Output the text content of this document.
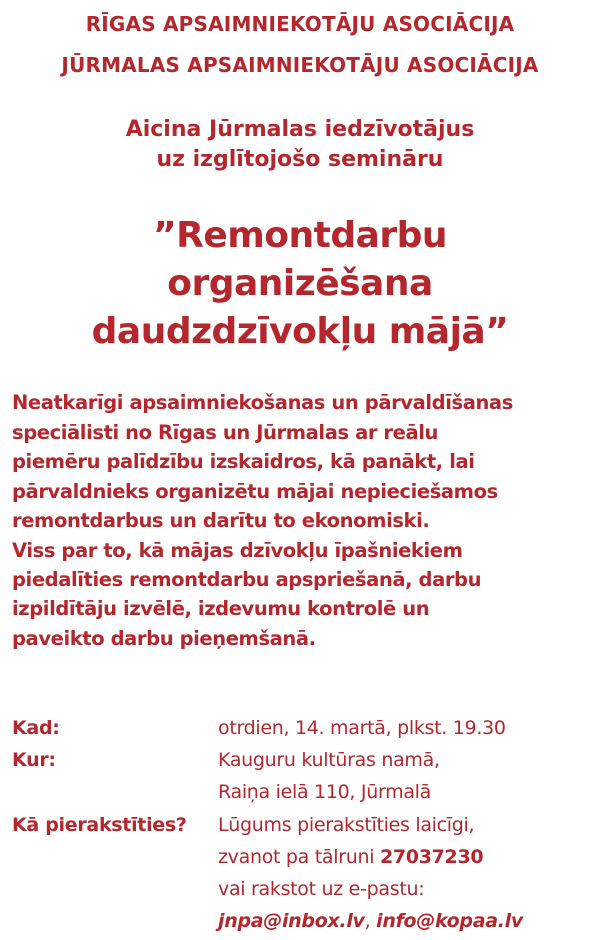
RĪGAS APSAIMNIEKOTĀJU ASOCIĀCIJA
JŪRMALAS APSAIMNIEKOTĀJU ASOCIĀCIJA
Aicina Jūrmalas iedzīvotājus
uz izglītojošo semināru
”Remontdarbu
organizēšana
daudzdzīvokļu mājā”
Neatkarīgi apsaimniekošanas un pārvaldīšanas
speciālisti no Rīgas un Jūrmalas ar reālu
piemēru palīdzību izskaidros, kā panākt, lai
pārvaldnieks organizētu mājai nepieciešamos
remontdarbus un darītu to ekonomiski.
Viss par to, kā mājas dzīvokļu īpašniekiem
piedalīties remontdarbu apspriešanā, darbu
izpildītāju izvēlē, izdevumu kontrolē un
paveikto darbu pieņemšanā.
Kad:	otrdien, 14. martā, plkst. 19.30
Kur:	Kauguru kultūras namā,
Raiņa ielā 110, Jūrmalā
Kā pierakstīties? Lūgums pierakstīties laicīgi,
zvanot pa tālruni 27037230
vai rakstot uz e-pastu:
jnpa@inbox.lv, info@kopaa.lv
